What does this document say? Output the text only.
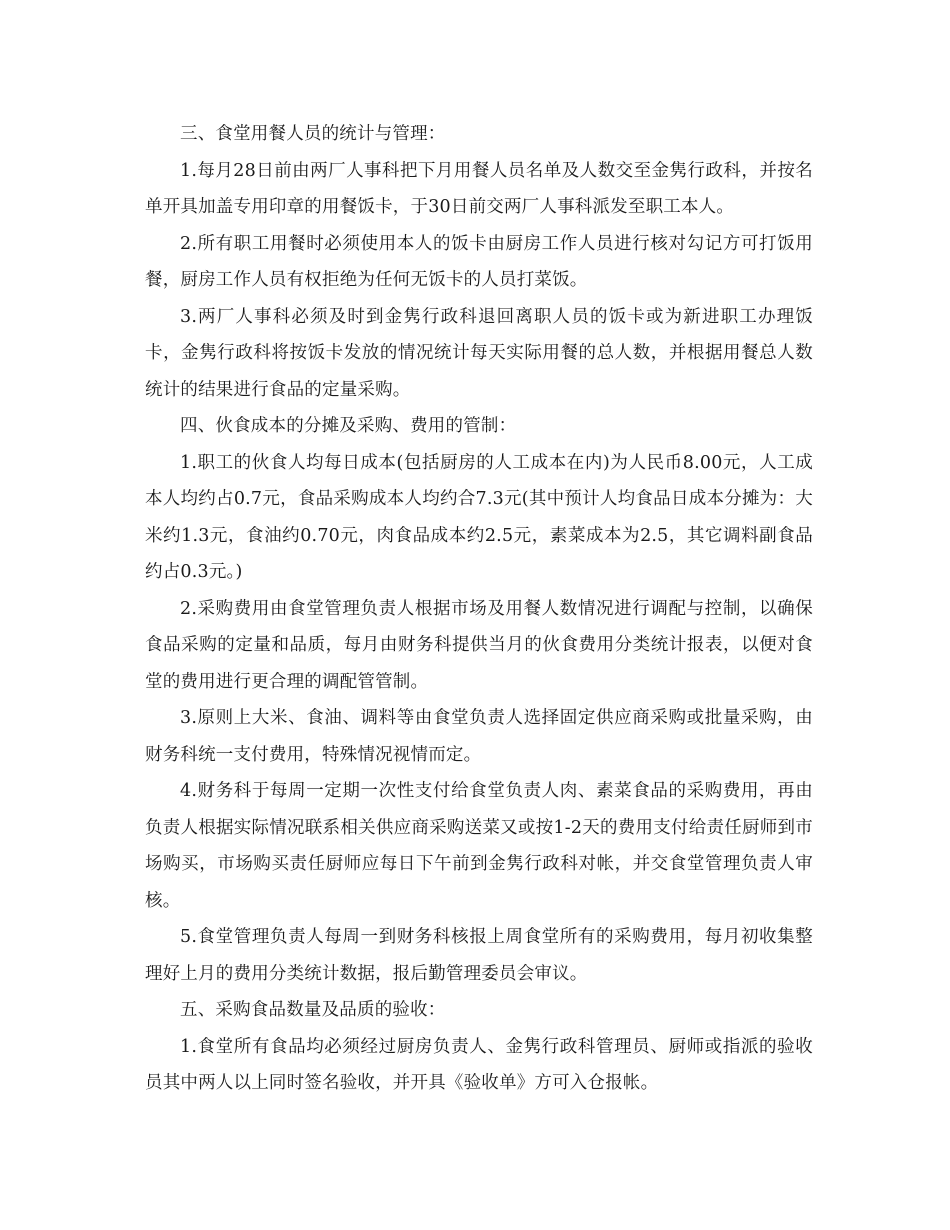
三、食堂用餐人员的统计与管理：

1.每月28日前由两厂人事科把下月用餐人员名单及人数交至金隽行政科，并按名单开具加盖专用印章的用餐饭卡，于30日前交两厂人事科派发至职工本人。

2.所有职工用餐时必须使用本人的饭卡由厨房工作人员进行核对勾记方可打饭用餐，厨房工作人员有权拒绝为任何无饭卡的人员打菜饭。

3.两厂人事科必须及时到金隽行政科退回离职人员的饭卡或为新进职工办理饭卡，金隽行政科将按饭卡发放的情况统计每天实际用餐的总人数，并根据用餐总人数统计的结果进行食品的定量采购。

四、伙食成本的分摊及采购、费用的管制：

1.职工的伙食人均每日成本(包括厨房的人工成本在内)为人民币8.00元，人工成本人均约占0.7元，食品采购成本人均约合7.3元(其中预计人均食品日成本分摊为：大米约1.3元，食油约0.70元，肉食品成本约2.5元，素菜成本为2.5，其它调料副食品约占0.3元。)

2.采购费用由食堂管理负责人根据市场及用餐人数情况进行调配与控制，以确保食品采购的定量和品质，每月由财务科提供当月的伙食费用分类统计报表，以便对食堂的费用进行更合理的调配管管制。

3.原则上大米、食油、调料等由食堂负责人选择固定供应商采购或批量采购，由财务科统一支付费用，特殊情况视情而定。

4.财务科于每周一定期一次性支付给食堂负责人肉、素菜食品的采购费用，再由负责人根据实际情况联系相关供应商采购送菜又或按1-2天的费用支付给责任厨师到市场购买，市场购买责任厨师应每日下午前到金隽行政科对帐，并交食堂管理负责人审核。

5.食堂管理负责人每周一到财务科核报上周食堂所有的采购费用，每月初收集整理好上月的费用分类统计数据，报后勤管理委员会审议。

五、采购食品数量及品质的验收：

1.食堂所有食品均必须经过厨房负责人、金隽行政科管理员、厨师或指派的验收员其中两人以上同时签名验收，并开具《验收单》方可入仓报帐。
